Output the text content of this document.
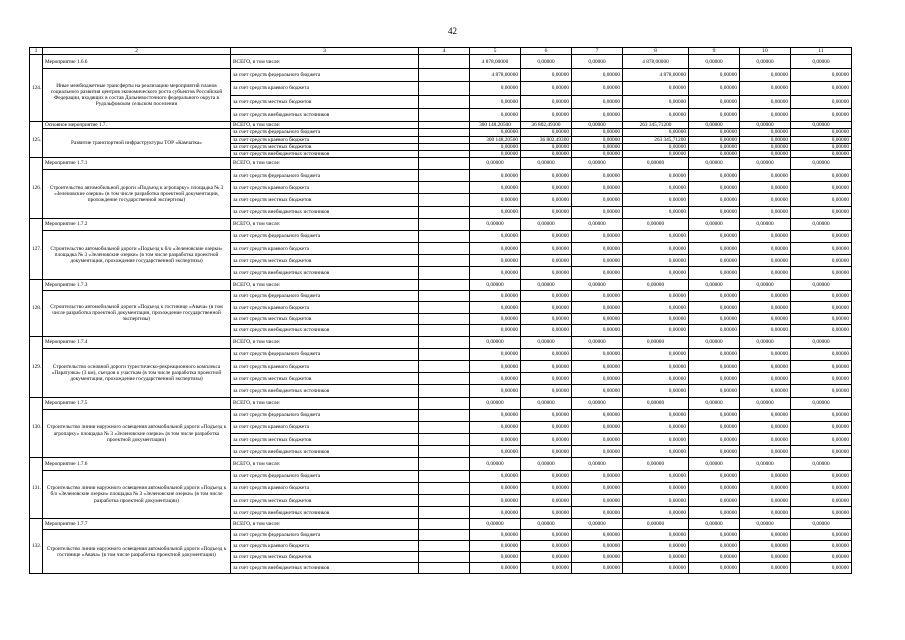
42
1	2	3	4	5	6	7	8	9	10	11
124.	Мероприятие 1.6.6	ВСЕГО, в том числе:		4 878,00000	0,00000	0,00000	4 878,00000	0,00000	0,00000	0,00000
	Иные межбюджетные трансферты на реализацию мероприятий планов социального развития центров экономического роста субъектов Российской Федерации, входящих в состав Дальневосточного федерального округа в Рудольфовском сельском поселении	за счет средств федерального бюджета		4 878,00000	0,00000	0,00000	4 878,00000	0,00000	0,00000	0,00000
		за счет средств краевого бюджета		0,00000	0,00000	0,00000	0,00000	0,00000	0,00000	0,00000
		за счет средств местных бюджетов		0,00000	0,00000	0,00000	0,00000	0,00000	0,00000	0,00000
		за счет средств внебюджетных источников		0,00000	0,00000	0,00000	0,00000	0,00000	0,00000	0,00000
125.	Основное мероприятие 1.7.	ВСЕГО, в том числе:		300 148,20500	36 802,49300	0,00000	263 345,71200	0,00000	0,00000	0,00000
	Развитие транспортной инфраструктуры ТОР «Камчатка»	за счет средств федерального бюджета		0,00000	0,00000	0,00000	0,00000	0,00000	0,00000	0,00000
		за счет средств краевого бюджета		300 148,20500	36 802,49300	0,00000	263 345,71200	0,00000	0,00000	0,00000
		за счет средств местных бюджетов		0,00000	0,00000	0,00000	0,00000	0,00000	0,00000	0,00000
		за счет средств внебюджетных источников		0,00000	0,00000	0,00000	0,00000	0,00000	0,00000	0,00000
126.	Мероприятие 1.7.1	ВСЕГО, в том числе:		0,00000	0,00000	0,00000	0,00000	0,00000	0,00000	0,00000
	Строительство автомобильной дороги «Подъезд к агропарку» площадка № 3 «Зеленовские озерки» (в том числе разработка проектной документации, прохождение государственной экспертизы)	за счет средств федерального бюджета		0,00000	0,00000	0,00000	0,00000	0,00000	0,00000	0,00000
		за счет средств краевого бюджета		0,00000	0,00000	0,00000	0,00000	0,00000	0,00000	0,00000
		за счет средств местных бюджетов		0,00000	0,00000	0,00000	0,00000	0,00000	0,00000	0,00000
		за счет средств внебюджетных источников		0,00000	0,00000	0,00000	0,00000	0,00000	0,00000	0,00000
127.	Мероприятие 1.7.2	ВСЕГО, в том числе:		0,00000	0,00000	0,00000	0,00000	0,00000	0,00000	0,00000
	Строительство автомобильной дороги «Подъезд к б/о «Зеленовские озерки» площадка № 3 «Зеленовские озерки» (в том числе разработка проектной документации, прохождение государственной экспертизы)	за счет средств федерального бюджета		0,00000	0,00000	0,00000	0,00000	0,00000	0,00000	0,00000
		за счет средств краевого бюджета		0,00000	0,00000	0,00000	0,00000	0,00000	0,00000	0,00000
		за счет средств местных бюджетов		0,00000	0,00000	0,00000	0,00000	0,00000	0,00000	0,00000
		за счет средств внебюджетных источников		0,00000	0,00000	0,00000	0,00000	0,00000	0,00000	0,00000
128.	Мероприятие 1.7.3	ВСЕГО, в том числе:		0,00000	0,00000	0,00000	0,00000	0,00000	0,00000	0,00000
	Строительство автомобильной дороги «Подъезд к гостинице «Авача» (в том числе разработка проектной документации, прохождение государственной экспертизы)	за счет средств федерального бюджета		0,00000	0,00000	0,00000	0,00000	0,00000	0,00000	0,00000
		за счет средств краевого бюджета		0,00000	0,00000	0,00000	0,00000	0,00000	0,00000	0,00000
		за счет средств местных бюджетов		0,00000	0,00000	0,00000	0,00000	0,00000	0,00000	0,00000
		за счет средств внебюджетных источников		0,00000	0,00000	0,00000	0,00000	0,00000	0,00000	0,00000
129.	Мероприятие 1.7.4	ВСЕГО, в том числе:		0,00000	0,00000	0,00000	0,00000	0,00000	0,00000	0,00000
	Строительство основной дороги туристическо-рекреационного комплекса «Паратунка» (3 км), съездов к участкам (в том числе разработка проектной документации, прохождение государственной экспертизы)	за счет средств федерального бюджета		0,00000	0,00000	0,00000	0,00000	0,00000	0,00000	0,00000
		за счет средств краевого бюджета		0,00000	0,00000	0,00000	0,00000	0,00000	0,00000	0,00000
		за счет средств местных бюджетов		0,00000	0,00000	0,00000	0,00000	0,00000	0,00000	0,00000
		за счет средств внебюджетных источников		0,00000	0,00000	0,00000	0,00000	0,00000	0,00000	0,00000
130.	Мероприятие 1.7.5	ВСЕГО, в том числе:		0,00000	0,00000	0,00000	0,00000	0,00000	0,00000	0,00000
	Строительство линии наружного освещения автомобильной дороги «Подъезд к агропарку» площадка № 3 «Зеленовские озерки» (в том числе разработка проектной документации)	за счет средств федерального бюджета		0,00000	0,00000	0,00000	0,00000	0,00000	0,00000	0,00000
		за счет средств краевого бюджета		0,00000	0,00000	0,00000	0,00000	0,00000	0,00000	0,00000
		за счет средств местных бюджетов		0,00000	0,00000	0,00000	0,00000	0,00000	0,00000	0,00000
		за счет средств внебюджетных источников		0,00000	0,00000	0,00000	0,00000	0,00000	0,00000	0,00000
131.	Мероприятие 1.7.6	ВСЕГО, в том числе:		0,00000	0,00000	0,00000	0,00000	0,00000	0,00000	0,00000
	Строительство линии наружного освещения автомобильной дороги «Подъезд к б/о «Зеленовские озерки» площадка № 3 «Зеленовские озерки» (в том числе разработка проектной документации)	за счет средств федерального бюджета		0,00000	0,00000	0,00000	0,00000	0,00000	0,00000	0,00000
		за счет средств краевого бюджета		0,00000	0,00000	0,00000	0,00000	0,00000	0,00000	0,00000
		за счет средств местных бюджетов		0,00000	0,00000	0,00000	0,00000	0,00000	0,00000	0,00000
		за счет средств внебюджетных источников		0,00000	0,00000	0,00000	0,00000	0,00000	0,00000	0,00000
132.	Мероприятие 1.7.7	ВСЕГО, в том числе:		0,00000	0,00000	0,00000	0,00000	0,00000	0,00000	0,00000
	Строительство линии наружного освещения автомобильной дороги «Подъезд к гостинице «Авача» (в том числе разработка проектной документации)	за счет средств федерального бюджета		0,00000	0,00000	0,00000	0,00000	0,00000	0,00000	0,00000
		за счет средств краевого бюджета		0,00000	0,00000	0,00000	0,00000	0,00000	0,00000	0,00000
		за счет средств местных бюджетов		0,00000	0,00000	0,00000	0,00000	0,00000	0,00000	0,00000
		за счет средств внебюджетных источников		0,00000	0,00000	0,00000	0,00000	0,00000	0,00000	0,00000
